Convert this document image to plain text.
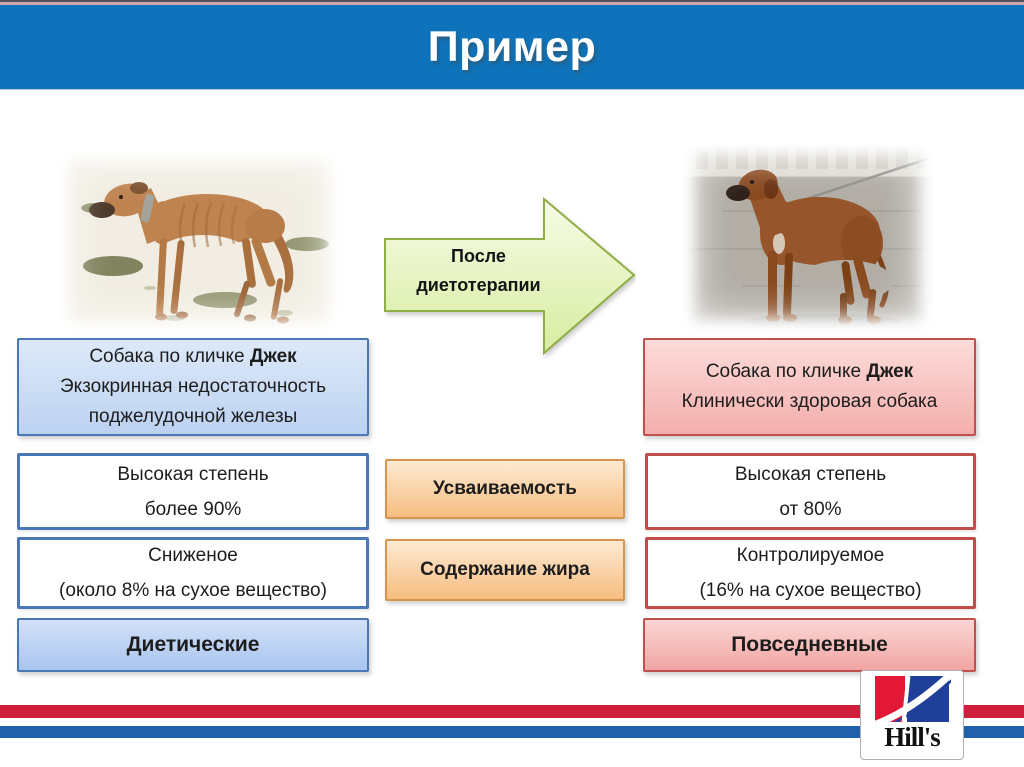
Пример
После диетотерапии
Собака по кличке Джек
Экзокринная недостаточность
поджелудочной железы
Собака по кличке Джек
Клинически здоровая собака
Высокая степень
более 90%
Усваиваемость
Высокая степень
от 80%
Сниженое
(около 8% на сухое вещество)
Содержание жира
Контролируемое
(16% на сухое вещество)
Диетические	Повседневные
Hill's
